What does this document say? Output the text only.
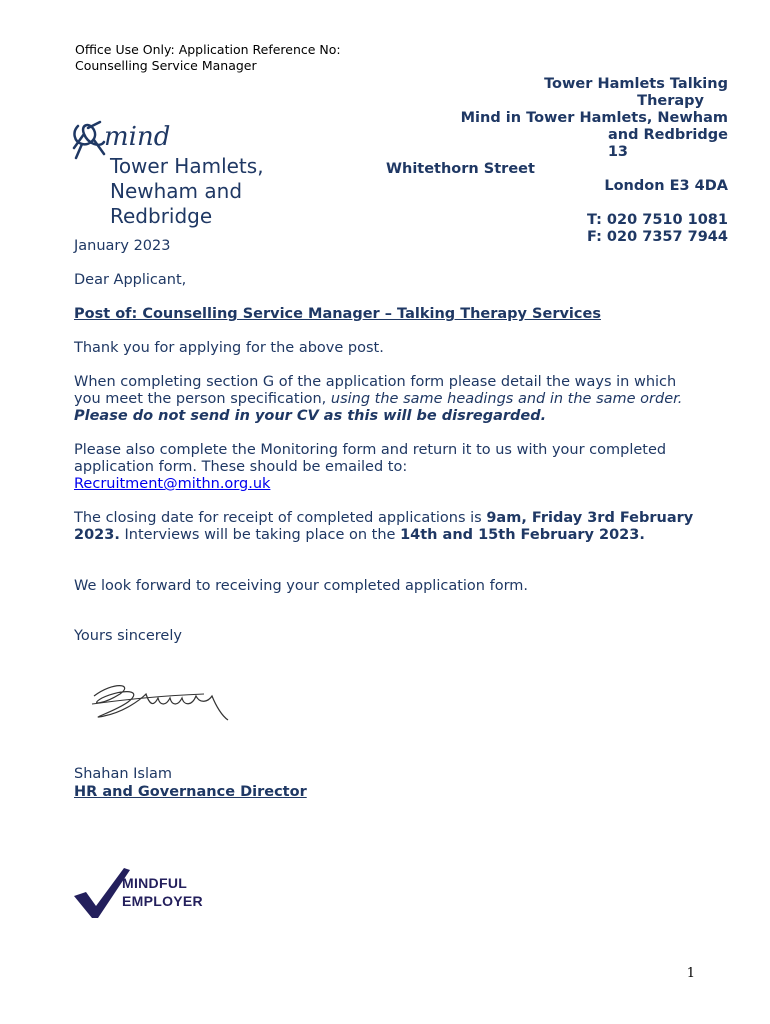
Office Use Only: Application Reference No:
Counselling Service Manager
Tower Hamlets Talking
Therapy
Mind in Tower Hamlets, Newham
and Redbridge
13
Whitethorn Street
London E3 4DA
T: 020 7510 1081
F: 020 7357 7944
mind
Tower Hamlets,
Newham and
Redbridge
January 2023
Dear Applicant,
Post of: Counselling Service Manager – Talking Therapy Services
Thank you for applying for the above post.
When completing section G of the application form please detail the ways in which you meet the person specification, using the same headings and in the same order. Please do not send in your CV as this will be disregarded.
Please also complete the Monitoring form and return it to us with your completed application form. These should be emailed to:
Recruitment@mithn.org.uk
The closing date for receipt of completed applications is 9am, Friday 3rd February 2023. Interviews will be taking place on the 14th and 15th February 2023.
We look forward to receiving your completed application form.
Yours sincerely
Shahan Islam
HR and Governance Director
MINDFUL
EMPLOYER
1
